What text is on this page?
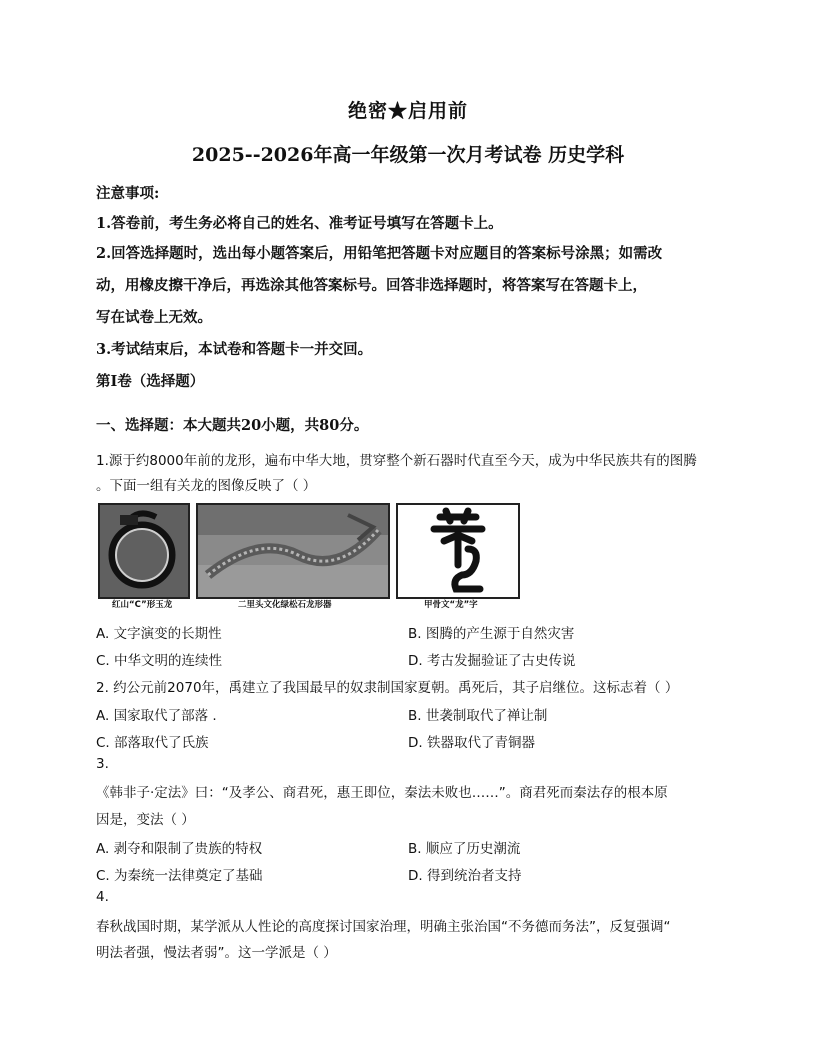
绝密★启用前
2025--2026年高一年级第一次月考试卷 历史学科
注意事项:
1.答卷前，考生务必将自己的姓名、准考证号填写在答题卡上。
2.回答选择题时，选出每小题答案后，用铅笔把答题卡对应题目的答案标号涂黑；如需改
动，用橡皮擦干净后，再选涂其他答案标号。回答非选择题时，将答案写在答题卡上，
写在试卷上无效。
3.考试结束后，本试卷和答题卡一并交回。
第I卷（选择题）
一、选择题：本大题共20小题，共80分。
1.源于约8000年前的龙形，遍布中华大地，贯穿整个新石器时代直至今天，成为中华民族共有的图腾
。下面一组有关龙的图像反映了（ ）
红山“C”形玉龙	二里头文化绿松石龙形器	甲骨文“龙”字
A. 文字演变的长期性	B. 图腾的产生源于自然灾害
C. 中华文明的连续性	D. 考古发掘验证了古史传说
2. 约公元前2070年，禹建立了我国最早的奴隶制国家夏朝。禹死后，其子启继位。这标志着（ ）
A. 国家取代了部落 .	B. 世袭制取代了禅让制
C. 部落取代了氏族	D. 铁器取代了青铜器
3.
《韩非子·定法》曰：“及孝公、商君死，惠王即位，秦法未败也……”。商君死而秦法存的根本原
因是，变法（ ）
A. 剥夺和限制了贵族的特权	B. 顺应了历史潮流
C. 为秦统一法律奠定了基础	D. 得到统治者支持
4.
春秋战国时期，某学派从人性论的高度探讨国家治理，明确主张治国“不务德而务法”，反复强调“
明法者强，慢法者弱”。这一学派是（ ）
